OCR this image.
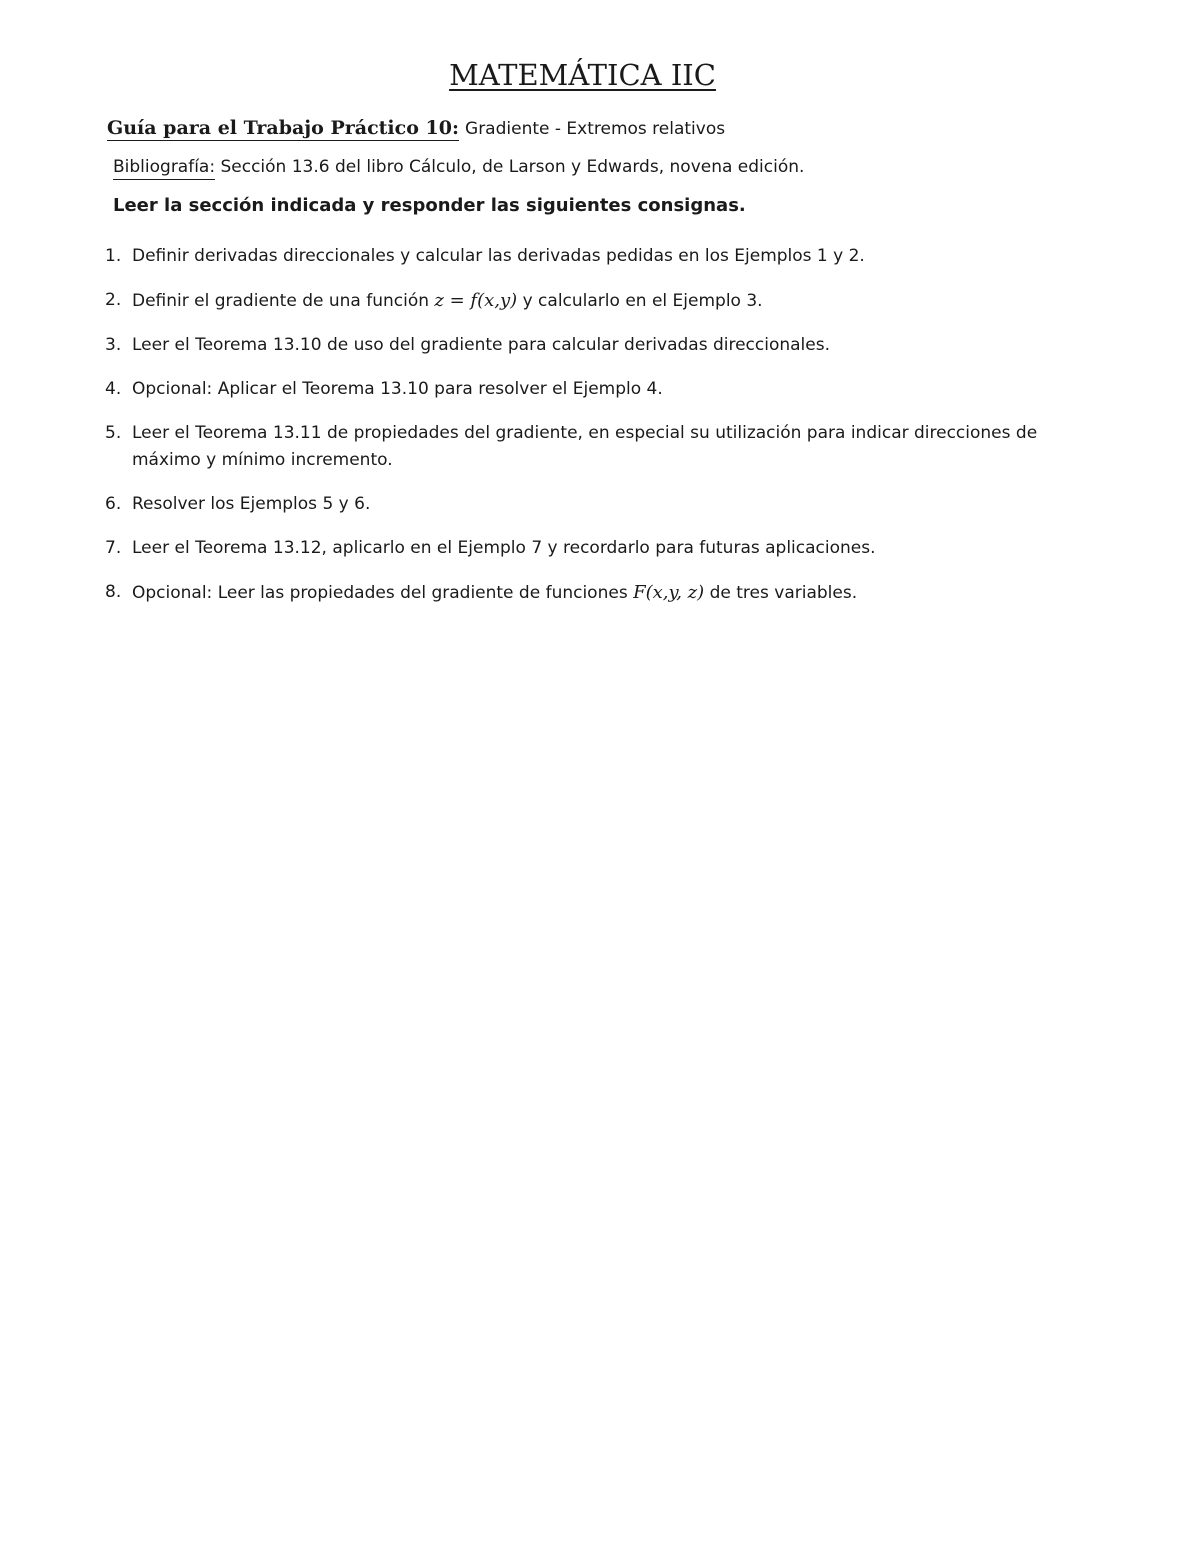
MATEMÁTICA IIC
Guía para el Trabajo Práctico 10: Gradiente - Extremos relativos
Bibliografía: Sección 13.6 del libro Cálculo, de Larson y Edwards, novena edición.
Leer la sección indicada y responder las siguientes consignas.
1. Definir derivadas direccionales y calcular las derivadas pedidas en los Ejemplos 1 y 2.
2. Definir el gradiente de una función z = f(x,y) y calcularlo en el Ejemplo 3.
3. Leer el Teorema 13.10 de uso del gradiente para calcular derivadas direccionales.
4. Opcional: Aplicar el Teorema 13.10 para resolver el Ejemplo 4.
5. Leer el Teorema 13.11 de propiedades del gradiente, en especial su utilización para indicar direcciones de máximo y mínimo incremento.
6. Resolver los Ejemplos 5 y 6.
7. Leer el Teorema 13.12, aplicarlo en el Ejemplo 7 y recordarlo para futuras aplicaciones.
8. Opcional: Leer las propiedades del gradiente de funciones F(x,y, z) de tres variables.
